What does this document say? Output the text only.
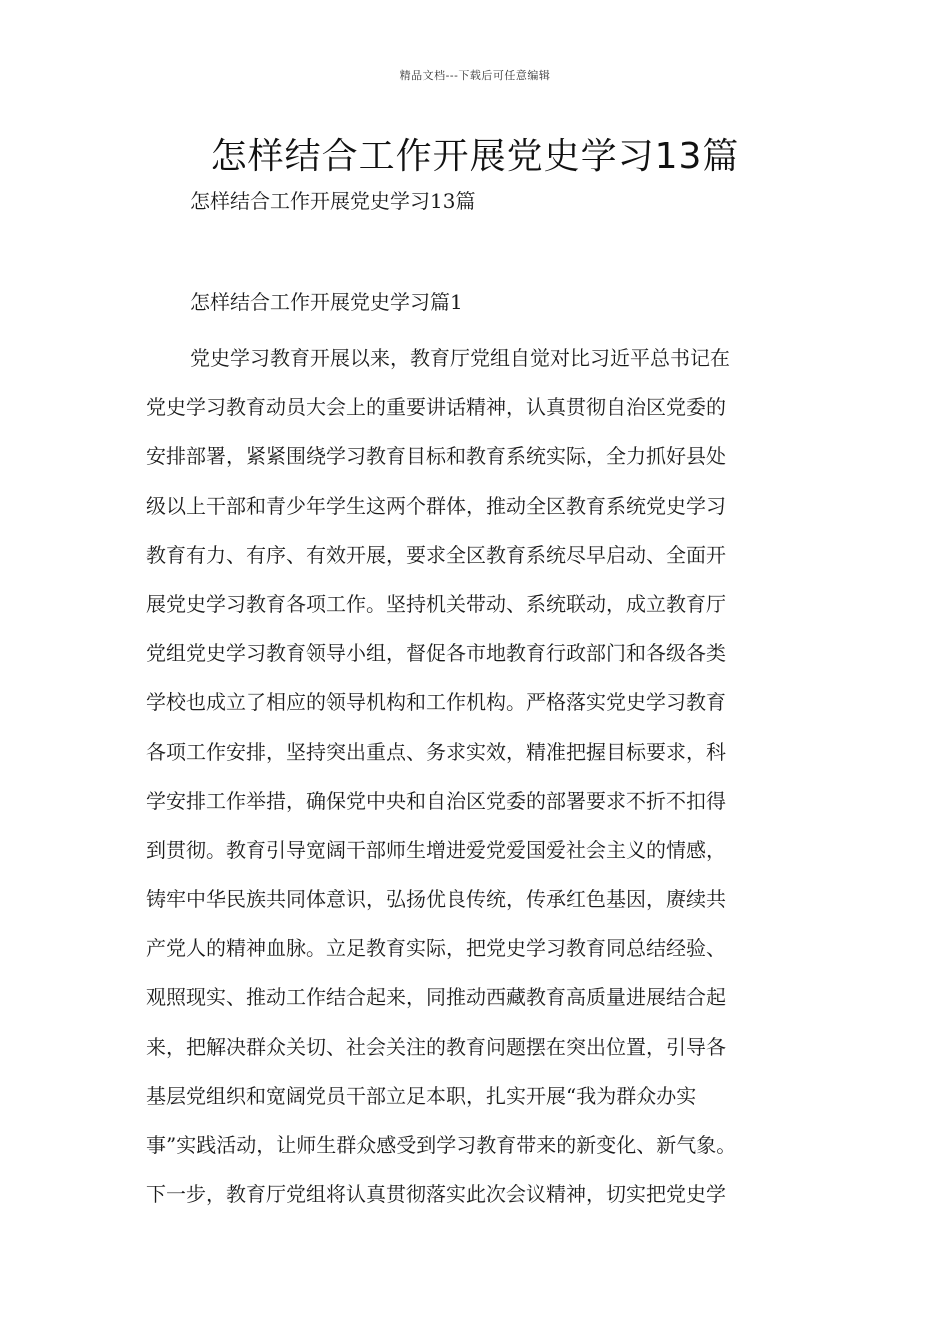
精品文档---下载后可任意编辑
怎样结合工作开展党史学习13篇
怎样结合工作开展党史学习13篇
怎样结合工作开展党史学习篇1
党史学习教育开展以来，教育厅党组自觉对比习近平总书记在
党史学习教育动员大会上的重要讲话精神，认真贯彻自治区党委的
安排部署，紧紧围绕学习教育目标和教育系统实际，全力抓好县处
级以上干部和青少年学生这两个群体，推动全区教育系统党史学习
教育有力、有序、有效开展，要求全区教育系统尽早启动、全面开
展党史学习教育各项工作。坚持机关带动、系统联动，成立教育厅
党组党史学习教育领导小组，督促各市地教育行政部门和各级各类
学校也成立了相应的领导机构和工作机构。严格落实党史学习教育
各项工作安排，坚持突出重点、务求实效，精准把握目标要求，科
学安排工作举措，确保党中央和自治区党委的部署要求不折不扣得
到贯彻。教育引导宽阔干部师生增进爱党爱国爱社会主义的情感，
铸牢中华民族共同体意识，弘扬优良传统，传承红色基因，赓续共
产党人的精神血脉。立足教育实际，把党史学习教育同总结经验、
观照现实、推动工作结合起来，同推动西藏教育高质量进展结合起
来，把解决群众关切、社会关注的教育问题摆在突出位置，引导各
基层党组织和宽阔党员干部立足本职，扎实开展“我为群众办实
事”实践活动，让师生群众感受到学习教育带来的新变化、新气象。
下一步，教育厅党组将认真贯彻落实此次会议精神，切实把党史学
